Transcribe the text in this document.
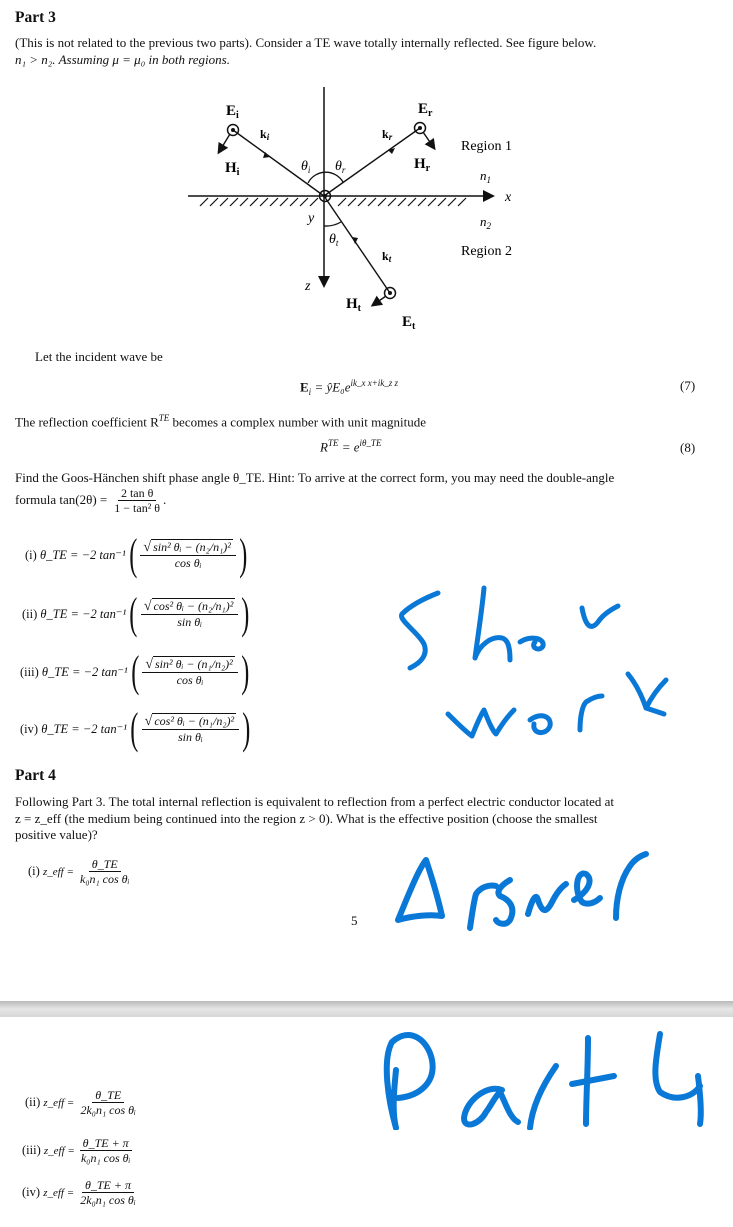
Part 3
(This is not related to the previous two parts). Consider a TE wave totally internally reflected. See figure below.
n₁ > n₂. Assuming μ = μ₀ in both regions.
$E_i$	$E_r$
$H_i$
$H_r$
$H_t$
$E_t$
ki	kr
kt
$\theta_i$ $\theta_r$
$\theta_t$
Region 1
Region 2
$n_1$
$n_2$
x
y
z
Let the incident wave be
$E_i$ = $ŷE_0e^{ik\_x x+ik\_z z}$	(7)
The reflection coefficient $R^{TE}$ becomes a complex number with unit magnitude
$R^{TE} = e^{i\theta\_TE}$	(8)
Find the Goos-Hänchen shift phase angle θ_TE. Hint: To arrive at the correct form, you may need the double-angle
formula $\tan(2\theta) = \frac{\text{2 tan θ}}{\text{1 − tan² θ}}$ .
(i)
θ_TE = −2 tan⁻¹ ( $\frac{\text{√ sin² θᵢ − (n₂/n₁)²}}{\text{cos θᵢ}}$ )
(ii)
θ_TE = −2 tan⁻¹ ( $\frac{\text{√ cos² θᵢ − (n₂/n₁)²}}{\text{sin θᵢ}}$ )
(iii)
θ_TE = −2 tan⁻¹ ( $\frac{\text{√ sin² θᵢ − (n₁/n₂)²}}{\text{cos θᵢ}}$ )
(iv)
θ_TE = −2 tan⁻¹ ( $\frac{\text{√ cos² θᵢ − (n₁/n₂)²}}{\text{sin θᵢ}}$ )
Part 4
Following Part 3. The total internal reflection is equivalent to reflection from a perfect electric conductor located at
z = z_eff (the medium being continued into the region z > 0). What is the effective position (choose the smallest
positive value)?
(i)
z_eff =
$\frac{\theta\_TE}{\text{k₀n₁ cos θᵢ}}$
5
(ii)
z_eff =
$\frac{\theta\_TE}{\text{2k₀n₁ cos θᵢ}}$
(iii)
z_eff =
$\frac{\theta\_TE + \pi}{\text{k₀n₁ cos θᵢ}}$
(iv)
z_eff =
$\frac{\theta\_TE + \pi}{\text{2k₀n₁ cos θᵢ}}$
